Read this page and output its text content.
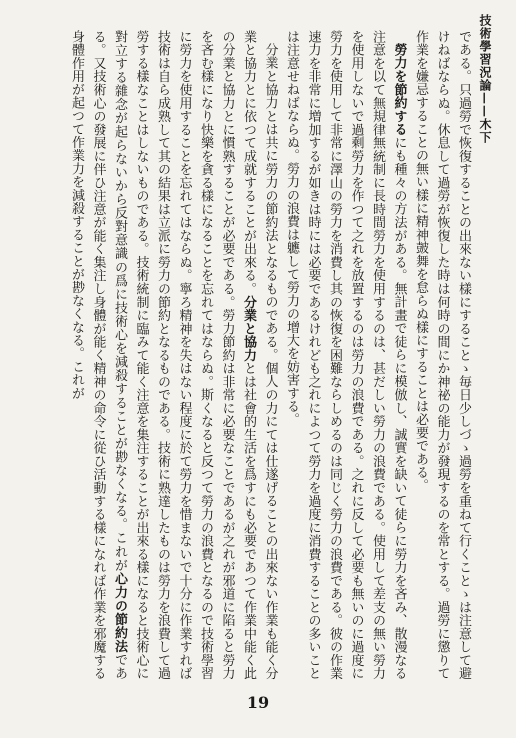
技術學習況論——木下

である。只過勞で恢復することの出來ない樣にすることゝ毎日少しづゝ過勞を重ねて行くことゝは注意して避けねばならぬ。休息して過勞が恢復した時は何時の間にか神祕の能力が發現するのを常とする。過勞に懲りて作業を嫌忌することの無い樣に精神皷舞を怠らぬ樣にすることは必要である。

勞力を節約するにも種々の方法がある。無計畫で徒らに模倣し、誠實を缺いて徒らに勞力を吝み、散漫なる注意を以て無規律無統制に長時間勞力を使用するのは、甚だしい勞力の浪費である。使用して差支の無い勞力を使用しないで過剩勞力を作つて之れを放置するのは勞力の浪費である。之れに反して必要も無いのに過度に勞力を使用して非常に澤山の勞力を消費し其の恢復を困難ならしめるのは同じく勞力の浪費である。彼の作業速力を非常に増加するが如きは時には必要であるけれども之れによつて勞力を過度に消費することの多いことは注意せねばならぬ。勞力の浪費は軈して勞力の增大を妨害する。

分業と協力とは共に勞力の節約法となるものである。個人の力にては仕遂げることの出來ない作業も能く分業と協力とに依つて成就することが出來る。分業と協力とは社會的生活を爲すにも必要であつて作業中能く此の分業と協力とに慣熟することが必要である。勞力節約は非常に必要なことであるが之れが邪道に陷ると勞力を吝む樣になり快樂を貪る樣になることを忘れてはならぬ。斯くなると反つて勞力の浪費となるので技術學習に勞力を使用することを忘れてはならぬ。寧ろ精神を失はない程度に於て勞力を惜まないで十分に作業すれば技術は自ら成熟して其の結果は立派に勞力の節約となるものである。技術に熟達したものは勞力を浪費して過勞する樣なことはしないものである。技術統制に臨みて能く注意を集注することが出來る樣になると技術心に對立する雜念が起らないから反對意識の爲に技術心を減殺することが尠なくなる。これが心力の節約法である。又技術心の發展に伴ひ注意が能く集注し身體が能く精神の命令に從ひ活動する樣になれば作業を邪魔する身體作用が起つて作業力を減殺することが尠なくなる。これが

19
